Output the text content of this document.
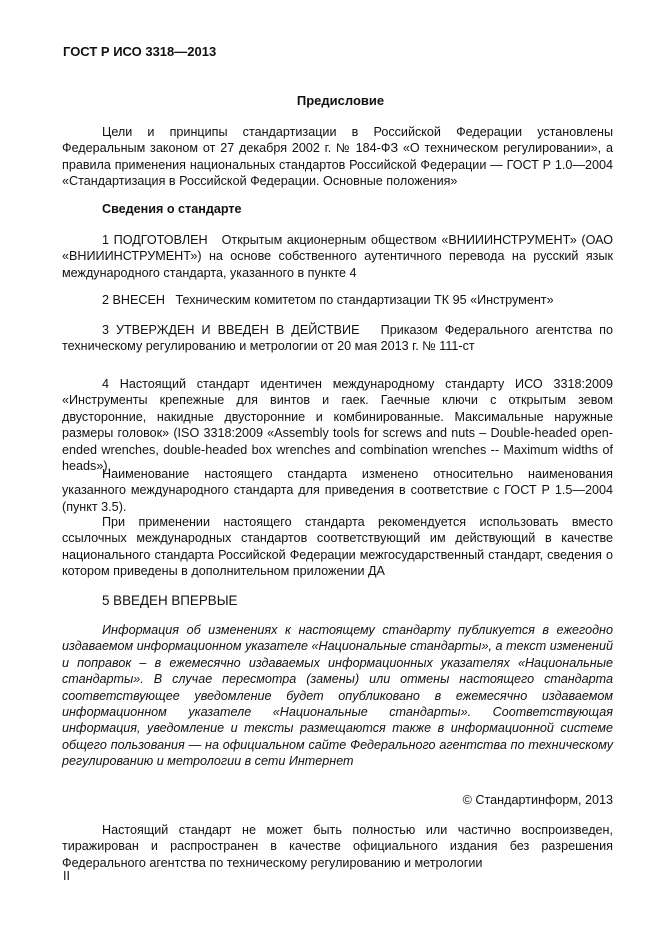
ГОСТ Р ИСО 3318—2013
Предисловие
Цели и принципы стандартизации в Российской Федерации установлены Федеральным законом от 27 декабря 2002 г. № 184-ФЗ «О техническом регулировании», а правила применения национальных стандартов Российской Федерации — ГОСТ Р 1.0—2004 «Стандартизация в Российской Федерации. Основные положения»
Сведения о стандарте
1 ПОДГОТОВЛЕН Открытым акционерным обществом «ВНИИИНСТРУМЕНТ» (ОАО «ВНИИИНСТРУМЕНТ») на основе собственного аутентичного перевода на русский язык международного стандарта, указанного в пункте 4
2 ВНЕСЕН Техническим комитетом по стандартизации ТК 95 «Инструмент»
3 УТВЕРЖДЕН И ВВЕДЕН В ДЕЙСТВИЕ Приказом Федерального агентства по техническому регулированию и метрологии от 20 мая 2013 г. № 111-ст
4 Настоящий стандарт идентичен международному стандарту ИСО 3318:2009 «Инструменты крепежные для винтов и гаек. Гаечные ключи с открытым зевом двусторонние, накидные двусторонние и комбинированные. Максимальные наружные размеры головок» (ISO 3318:2009 «Assembly tools for screws and nuts – Double-headed open-ended wrenches, double-headed box wrenches and combination wrenches -- Maximum widths of heads»).
Наименование настоящего стандарта изменено относительно наименования указанного международного стандарта для приведения в соответствие с ГОСТ Р 1.5—2004 (пункт 3.5).
При применении настоящего стандарта рекомендуется использовать вместо ссылочных международных стандартов соответствующий им действующий в качестве национального стандарта Российской Федерации межгосударственный стандарт, сведения о котором приведены в дополнительном приложении ДА
5 ВВЕДЕН ВПЕРВЫЕ
Информация об изменениях к настоящему стандарту публикуется в ежегодно издаваемом информационном указателе «Национальные стандарты», а текст изменений и поправок – в ежемесячно издаваемых информационных указателях «Национальные стандарты». В случае пересмотра (замены) или отмены настоящего стандарта соответствующее уведомление будет опубликовано в ежемесячно издаваемом информационном указателе «Национальные стандарты». Соответствующая информация, уведомление и тексты размещаются также в информационной системе общего пользования — на официальном сайте Федерального агентства по техническому регулированию и метрологии в сети Интернет
© Стандартинформ, 2013
Настоящий стандарт не может быть полностью или частично воспроизведен, тиражирован и распространен в качестве официального издания без разрешения Федерального агентства по техническому регулированию и метрологии
II
